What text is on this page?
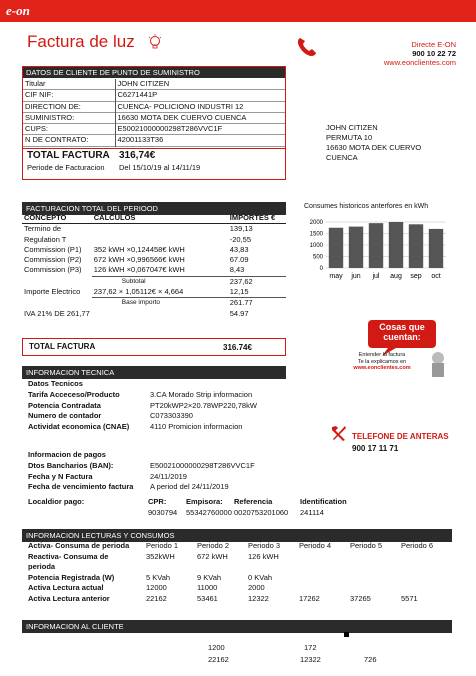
e-on
Factura de luz	Directe E-ON
900 10 22 72
www.eonclientes.com
DATOS DE CLIENTE DE PUNTO DE SUMINISTRO
Titular	JOHN CITIZEN
CIF NIF:	C6271441P
DIRECTION DE:	CUENCA- POLICIONO INDUSTRI 12
SUMINISTRO:	16630 MOTA DEK CUERVO CUENCA
CUPS:	E50021000000298T286VVC1F
N DE CONTRATO:	42001133T36
TOTAL FACTURA	316,74€
Periode de Facturacion	Del 15/10/19 al 14/11/19
JOHN CITIZEN
PERMUTA 10
16630 MOTA DEK CUERVO
CUENCA
FACTURACION TOTAL DEL PERIOOD
CONCEPTO	CALCULOS	IMPORTES €
Termino de		139,13
Regulation T		-20,55
Commission (P1)	352 kWH ×0,124458€ kWH	43,83
Commission (P2)	672 kWH ×0,996566€ kWH	67.09
Commission (P3)	126 kWH ×0,067047€ kWH	8,43
	Subtotal	237,62
Importe Electrico	237,62 × 1,05112€ × 4,664	12,15
	Base importo	261.77
IVA 21% DE 261,77		54.97
TOTAL FACTURA	316.74€
Consumes historicos anterfores en kWh
0
500
1000
1500
2000
may jun jul aug sep oct
Cosas que
cuentan:
Entender la factura
Te la explicamos en
www.eonclientes.com
INFORMACION TECNICA
Datos Tecnicos
Tarifa Acceceso/Producto	3.CA Morado Strip informacion
Potencia Contradata	PT20kWP2×20.78WP220,78kW
Numero de contador	C073303390
Actividat economica (CNAE)	4110 Promicion informacion
Informacion de pagos
Dtos Bancharios (BAN):	E50021000000298T286VVC1F
Fecha y N Factura	24/11/2019
Fecha de vencimiento factura	A period del 24/11/2019
Localdior pago:	CPR:	Empisora:	Referencia	Identification
9030794	55342760000	0020753201060	241114
TELEFONE DE ANTERAS
900 17 11 71
INFORMACION LECTURAS Y CONSUMOS
Activa- Consuma de perioda	Periodo 1	Periodo 2	Periodo 3	Periodo 4	Periodo 5	Periodo 6
Reactiva- Consuma de	352kWH	672 kWH	126 kWH			
perioda						
Potencia Registrada (W)	5 KVah	9 KVah	0 KVah			
Activa Lectura actual	12000	11000	2000			
Activa Lectura anterior	22162	53461	12322	17262	37265	5571
INFORMACION AL CLIENTE
1200	172
22162	12322	726
